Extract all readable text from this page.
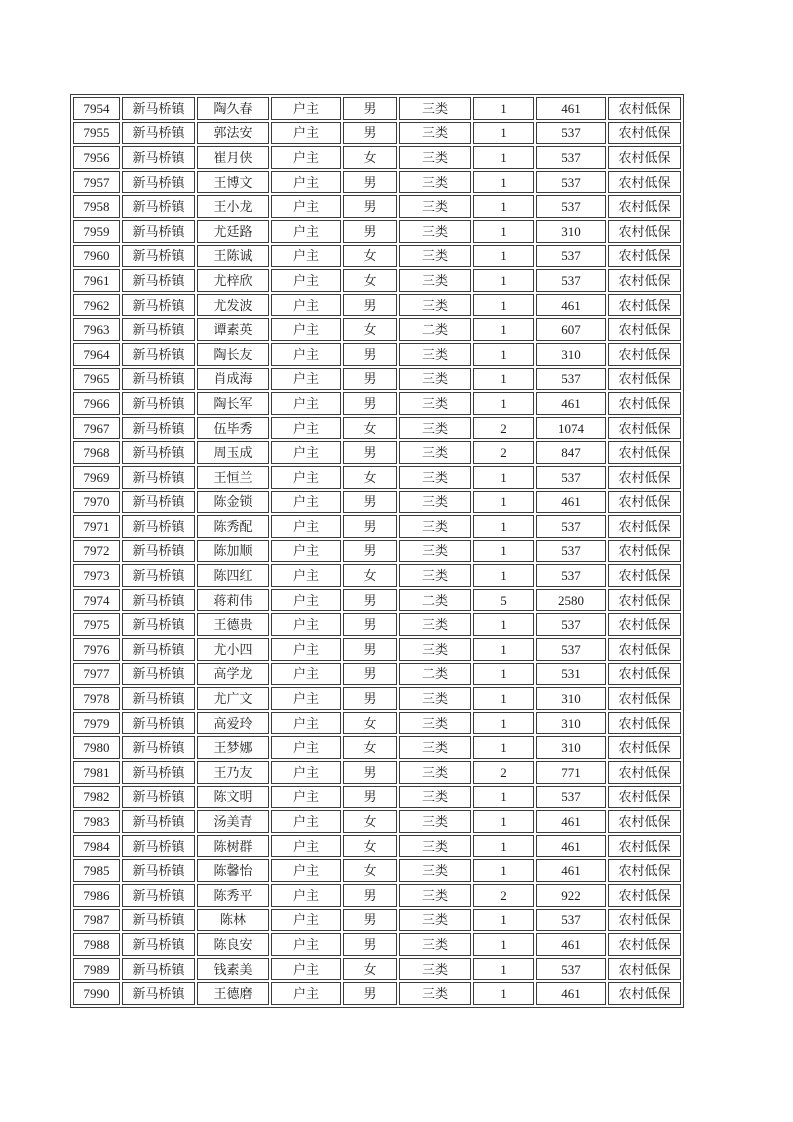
7954	新马桥镇	陶久春	户主	男	三类	1	461	农村低保
7955	新马桥镇	郭法安	户主	男	三类	1	537	农村低保
7956	新马桥镇	崔月侠	户主	女	三类	1	537	农村低保
7957	新马桥镇	王博文	户主	男	三类	1	537	农村低保
7958	新马桥镇	王小龙	户主	男	三类	1	537	农村低保
7959	新马桥镇	尤廷路	户主	男	三类	1	310	农村低保
7960	新马桥镇	王陈诚	户主	女	三类	1	537	农村低保
7961	新马桥镇	尤梓欣	户主	女	三类	1	537	农村低保
7962	新马桥镇	尤发波	户主	男	三类	1	461	农村低保
7963	新马桥镇	谭素英	户主	女	二类	1	607	农村低保
7964	新马桥镇	陶长友	户主	男	三类	1	310	农村低保
7965	新马桥镇	肖成海	户主	男	三类	1	537	农村低保
7966	新马桥镇	陶长军	户主	男	三类	1	461	农村低保
7967	新马桥镇	伍毕秀	户主	女	三类	2	1074	农村低保
7968	新马桥镇	周玉成	户主	男	三类	2	847	农村低保
7969	新马桥镇	王恒兰	户主	女	三类	1	537	农村低保
7970	新马桥镇	陈金锁	户主	男	三类	1	461	农村低保
7971	新马桥镇	陈秀配	户主	男	三类	1	537	农村低保
7972	新马桥镇	陈加顺	户主	男	三类	1	537	农村低保
7973	新马桥镇	陈四红	户主	女	三类	1	537	农村低保
7974	新马桥镇	蒋莉伟	户主	男	二类	5	2580	农村低保
7975	新马桥镇	王德贵	户主	男	三类	1	537	农村低保
7976	新马桥镇	尤小四	户主	男	三类	1	537	农村低保
7977	新马桥镇	高学龙	户主	男	二类	1	531	农村低保
7978	新马桥镇	尤广文	户主	男	三类	1	310	农村低保
7979	新马桥镇	高爱玲	户主	女	三类	1	310	农村低保
7980	新马桥镇	王梦娜	户主	女	三类	1	310	农村低保
7981	新马桥镇	王乃友	户主	男	三类	2	771	农村低保
7982	新马桥镇	陈文明	户主	男	三类	1	537	农村低保
7983	新马桥镇	汤美青	户主	女	三类	1	461	农村低保
7984	新马桥镇	陈树群	户主	女	三类	1	461	农村低保
7985	新马桥镇	陈馨怡	户主	女	三类	1	461	农村低保
7986	新马桥镇	陈秀平	户主	男	三类	2	922	农村低保
7987	新马桥镇	陈林	户主	男	三类	1	537	农村低保
7988	新马桥镇	陈良安	户主	男	三类	1	461	农村低保
7989	新马桥镇	钱素美	户主	女	三类	1	537	农村低保
7990	新马桥镇	王德磨	户主	男	三类	1	461	农村低保
